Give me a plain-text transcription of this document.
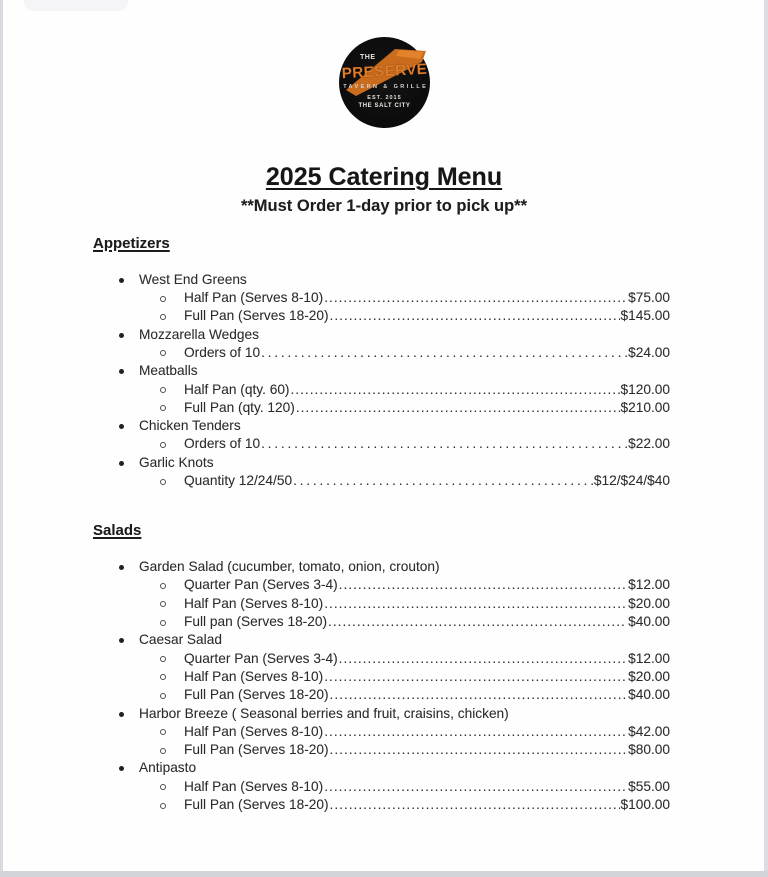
THE
PRESERVE
TAVERN & GRILLE
EST. 2015
THE SALT CITY
2025 Catering Menu
**Must Order 1-day prior to pick up**
Appetizers
West End Greens
Half Pan (Serves 8-10) .....	$75.00
Full Pan (Serves 18-20) .....	$145.00
Mozzarella Wedges
Orders of 10 .....	$24.00
Meatballs
Half Pan (qty. 60) .....	$120.00
Full Pan (qty. 120) .....	$210.00
Chicken Tenders
Orders of 10 .....	$22.00
Garlic Knots
Quantity 12/24/50 .....	$12/$24/$40
Salads
Garden Salad (cucumber, tomato, onion, crouton)
Quarter Pan (Serves 3-4) .....	$12.00
Half Pan (Serves 8-10) .....	$20.00
Full pan (Serves 18-20) .....	$40.00
Caesar Salad
Quarter Pan (Serves 3-4) .....	$12.00
Half Pan (Serves 8-10) .....	$20.00
Full Pan (Serves 18-20) .....	$40.00
Harbor Breeze ( Seasonal berries and fruit, craisins, chicken)
Half Pan (Serves 8-10) .....	$42.00
Full Pan (Serves 18-20) .....	$80.00
Antipasto
Half Pan (Serves 8-10) .....	$55.00
Full Pan (Serves 18-20) .....	$100.00
